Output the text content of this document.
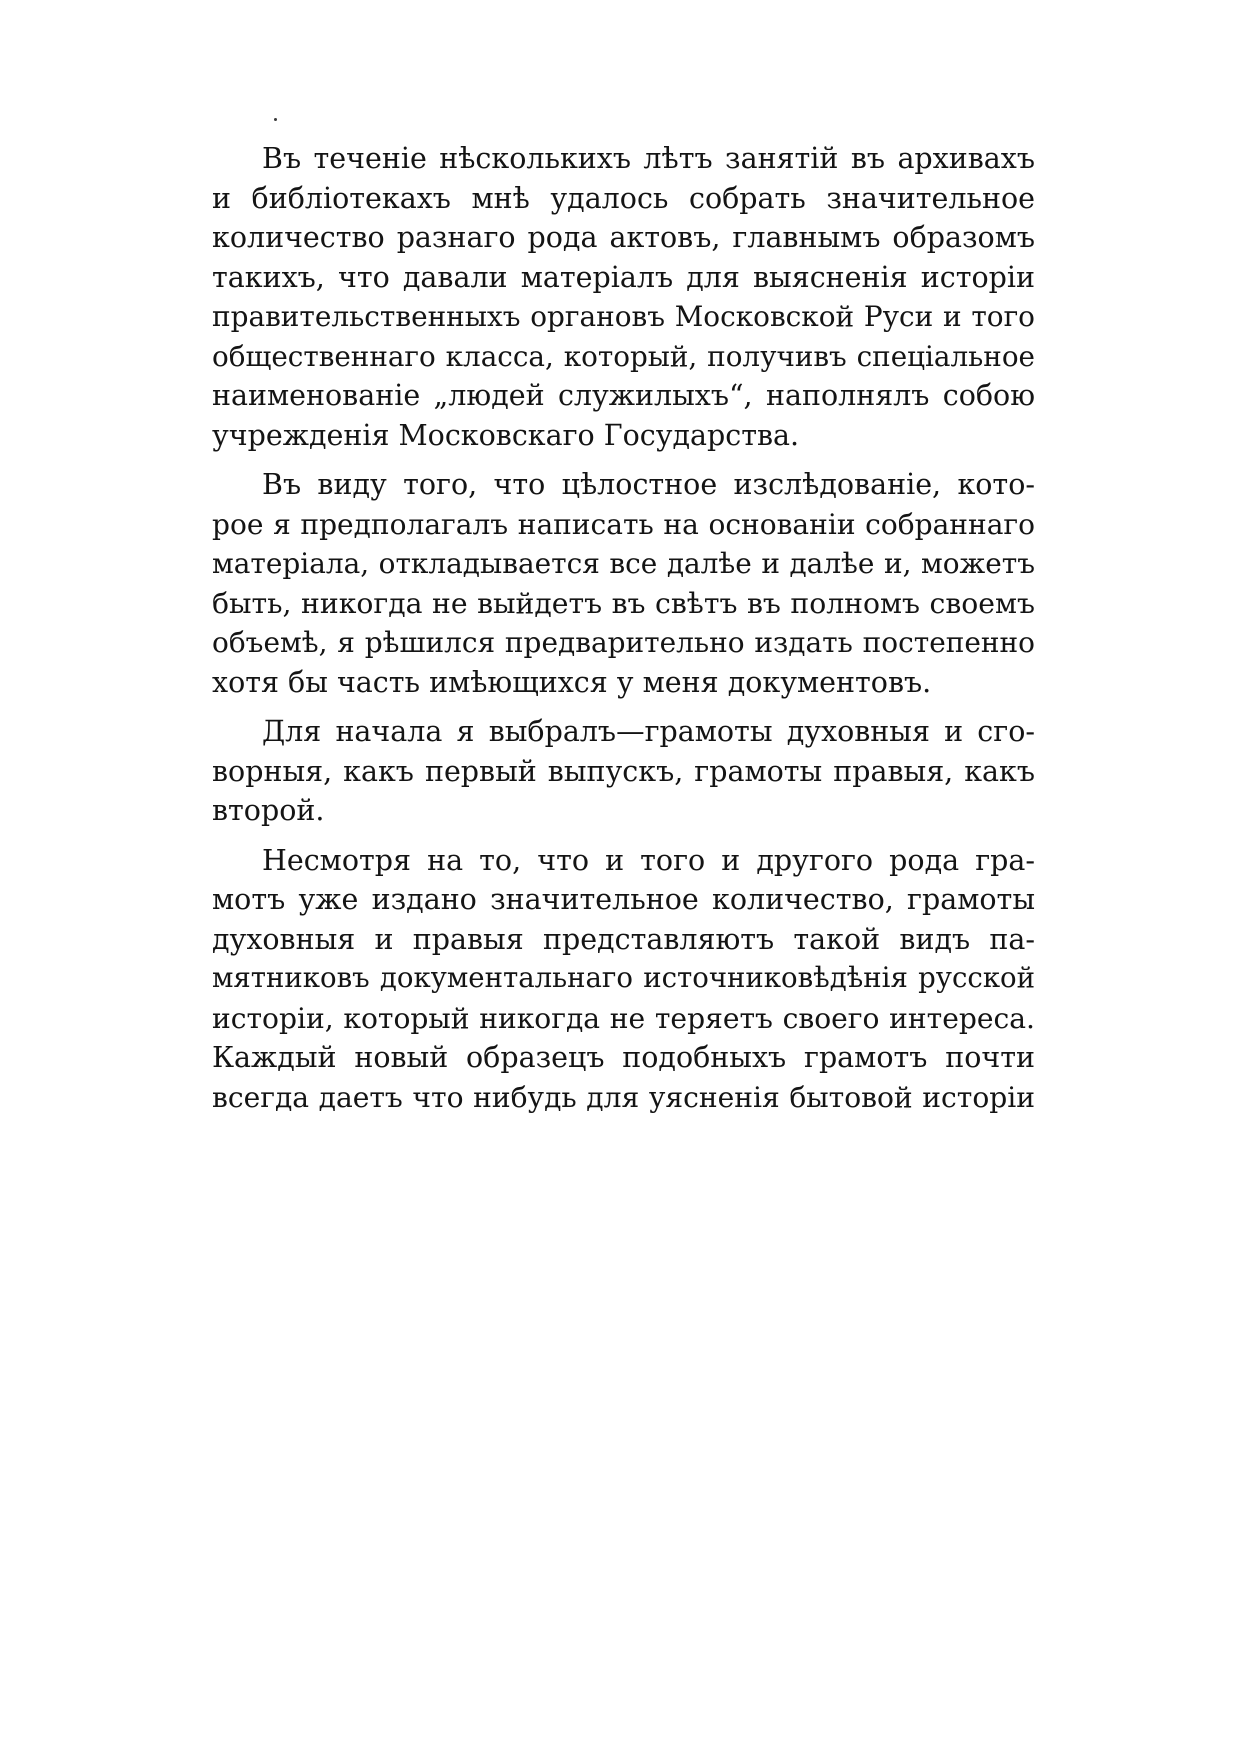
Въ теченіе нѣсколькихъ лѣтъ занятій въ архивахъ
и библіотекахъ мнѣ удалось собрать значительное
количество разнаго рода актовъ, главнымъ образомъ
такихъ, что давали матеріалъ для выясненія исторіи
правительственныхъ органовъ Московской Руси и того
общественнаго класса, который, получивъ спеціальное
наименованіе „людей служилыхъ“, наполнялъ собою
учрежденія Московскаго Государства.
Въ виду того, что цѣлостное изслѣдованіе, кото-
рое я предполагалъ написать на основаніи собраннаго
матеріала, откладывается все далѣе и далѣе и, можетъ
быть, никогда не выйдетъ въ свѣтъ въ полномъ своемъ
объемѣ, я рѣшился предварительно издать постепенно
хотя бы часть имѣющихся у меня документовъ.
Для начала я выбралъ—грамоты духовныя и сго-
ворныя, какъ первый выпускъ, грамоты правыя, какъ
второй.
Несмотря на то, что и того и другого рода гра-
мотъ уже издано значительное количество, грамоты
духовныя и правыя представляютъ такой видъ па-
мятниковъ документальнаго источниковѣдѣнія русской
исторіи, который никогда не теряетъ своего интереса.
Каждый новый образецъ подобныхъ грамотъ почти
всегда даетъ что нибудь для уясненія бытовой исторіи
